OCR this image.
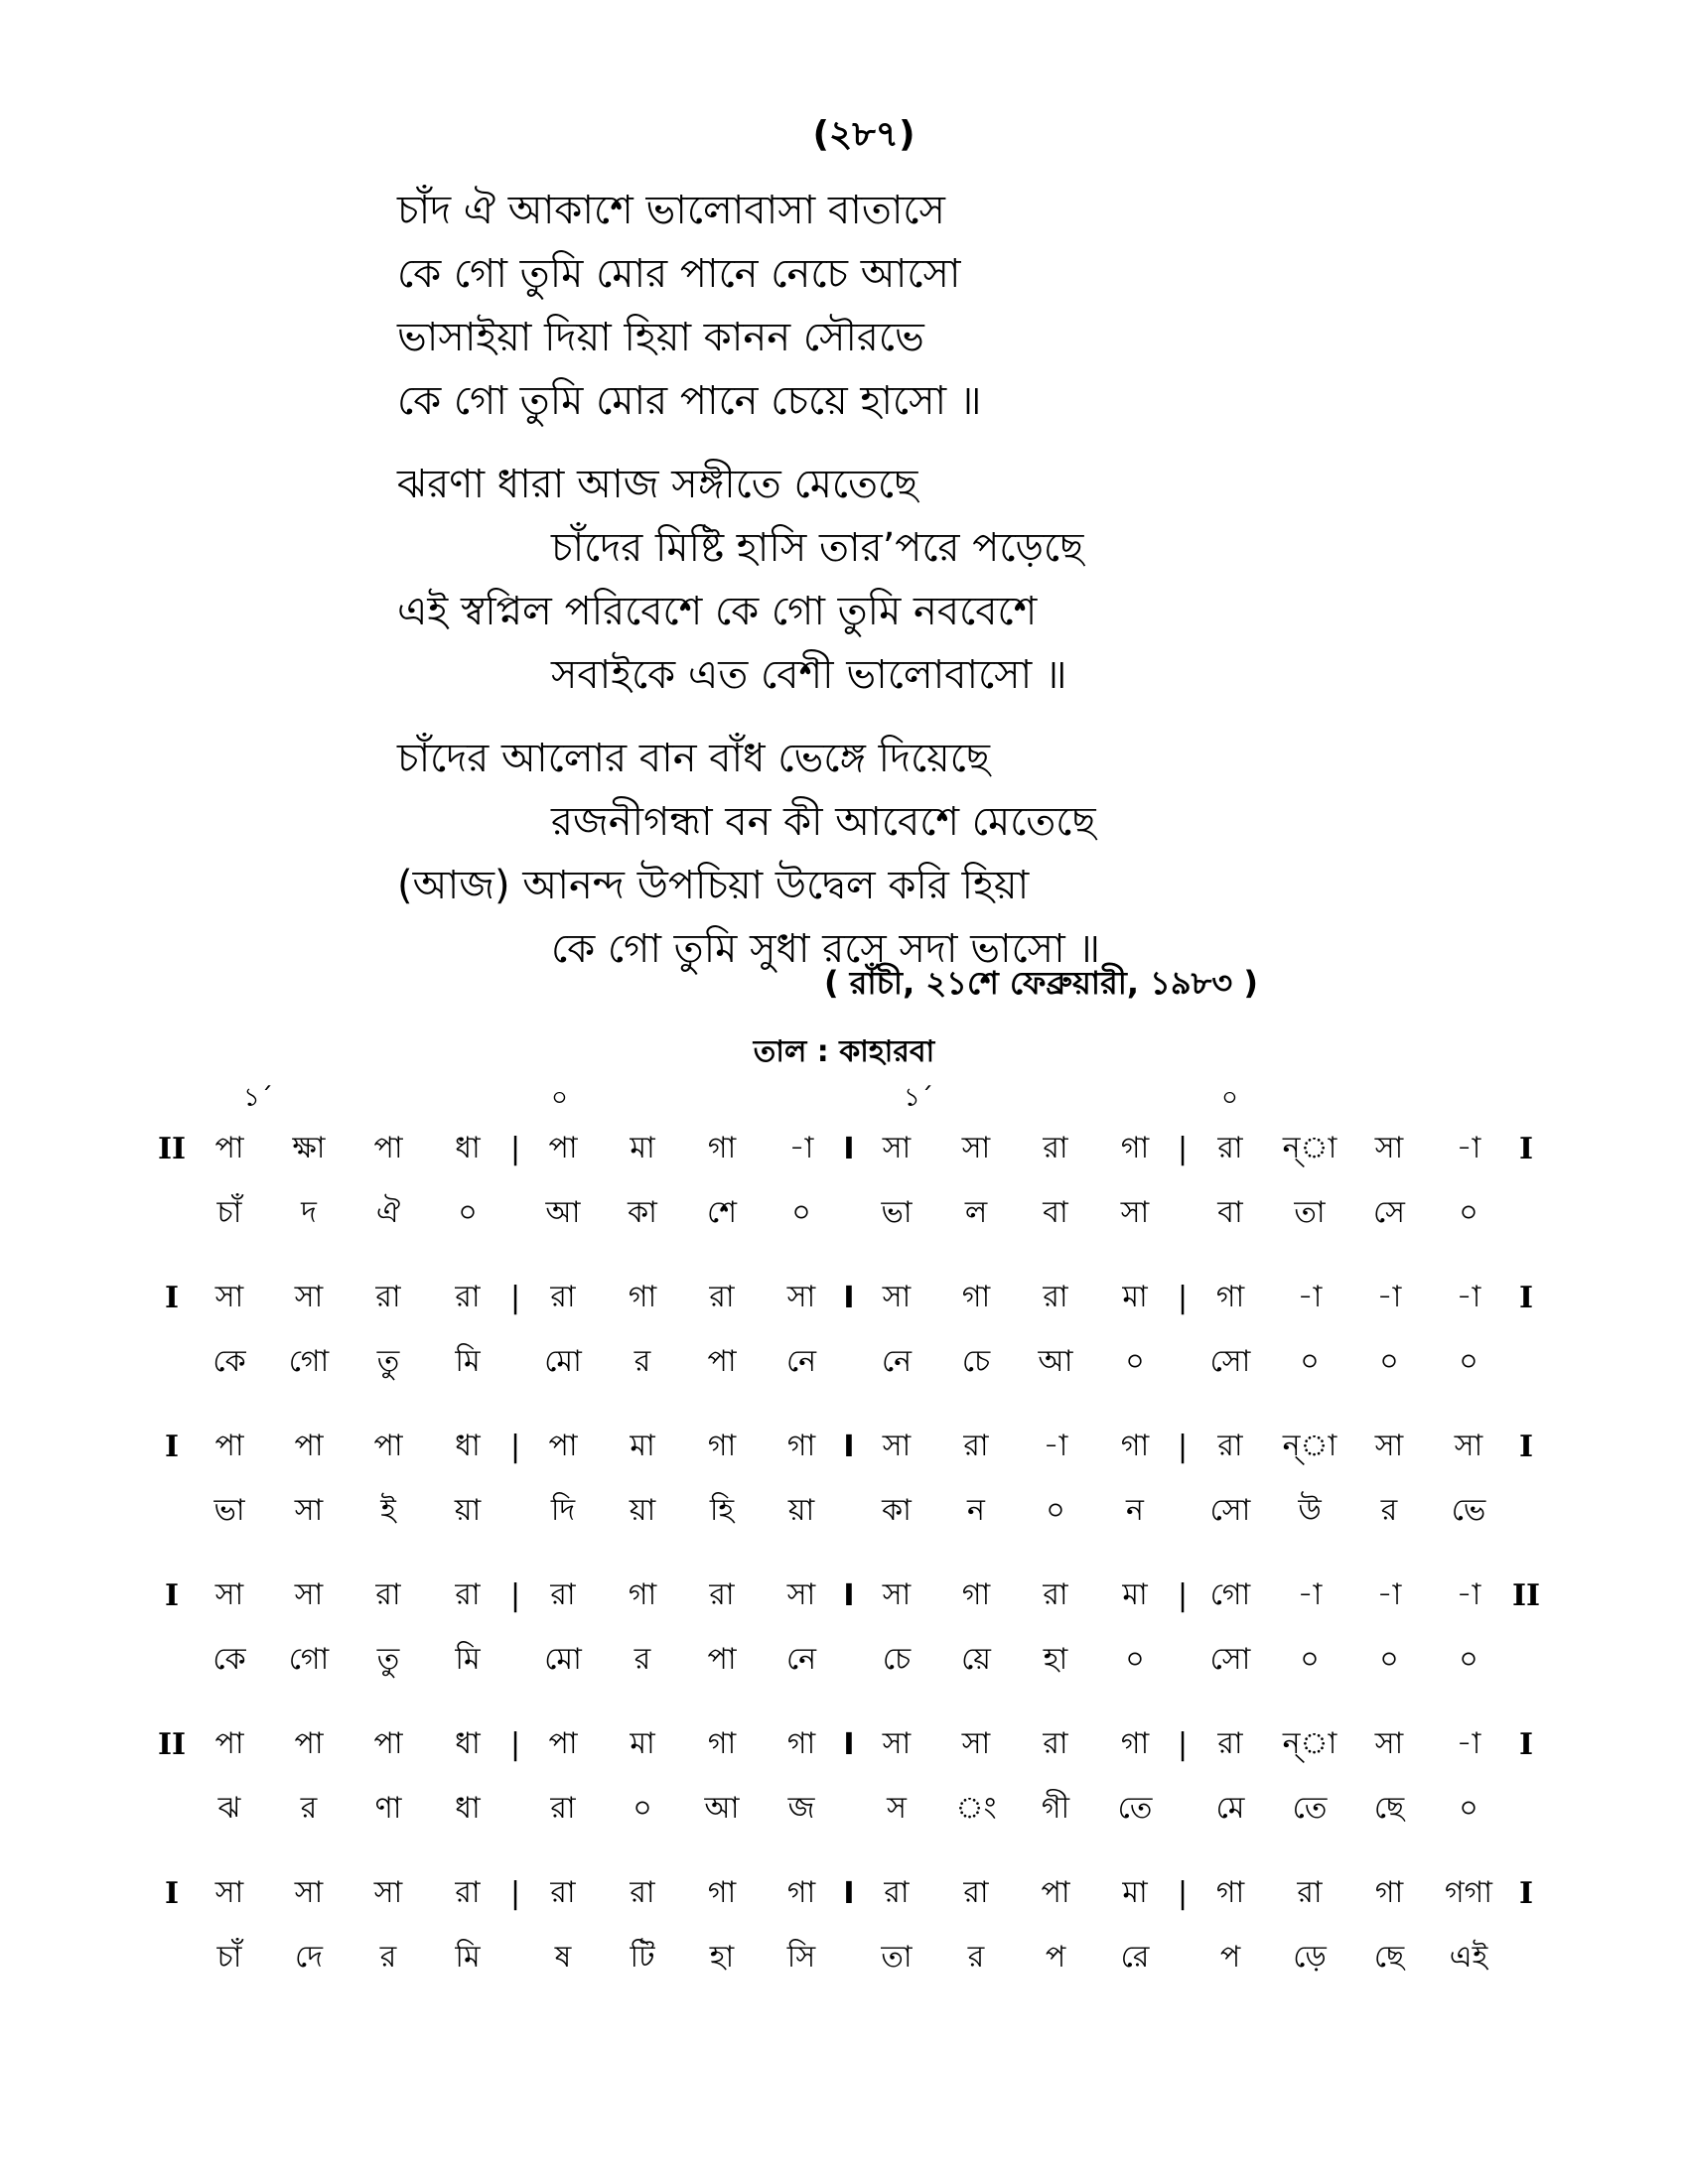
(২৮৭)
চাঁদ ঐ আকাশে ভালোবাসা বাতাসে
কে গো তুমি মোর পানে নেচে আসো
ভাসাইয়া দিয়া হিয়া কানন সৌরভে
কে গো তুমি মোর পানে চেয়ে হাসো ॥
ঝরণা ধারা আজ সঙ্গীতে মেতেছে
চাঁদের মিষ্টি হাসি তার’পরে পড়েছে
এই স্বপ্নিল পরিবেশে কে গো তুমি নববেশে
সবাইকে এত বেশী ভালোবাসো ॥
চাঁদের আলোর বান বাঁধ ভেঙ্গে দিয়েছে
রজনীগন্ধা বন কী আবেশে মেতেছে
(আজ) আনন্দ উপচিয়া উদ্বেল করি হিয়া
কে গো তুমি সুধা রসে সদা ভাসো ॥
( রাঁচী, ২১শে ফেব্রুয়ারী, ১৯৮৩ )
তাল : কাহারবা
১´	০	১´	০
II পা	ক্ষা	পা	ধা	| পা	মা	গা	-া	I সা	সা	রা	গা |	রা	ন্া	সা	-া	I
চাঁ	দ	ঐ	০	আ	কা	শে	০	ভা	ল	বা	সা	বা	তা	সে	০
I	সা	সা	রা	রা	|	রা	গা	রা	সা I সা	গা	রা	মা	| গা	-া	-া	-া	I
কে	গো	তু	মি	মো	র	পা	নে	নে	চে	আ	০	সো	০	০	০
I	পা	পা	পা	ধা	| পা	মা	গা	গা I সা	রা	-া	গা |	রা	ন্া	সা	সা	I
ভা	সা	ই	য়া	দি	য়া	হি	য়া	কা	ন	০	ন	সো	উ	র	ভে
I	সা	সা	রা	রা	|	রা	গা	রা	সা I সা	গা	রা	মা	| গো	-া	-া	-া	II
কে	গো	তু	মি	মো	র	পা	নে	চে	য়ে	হা	০	সো	০	০	০
II পা	পা	পা	ধা	| পা	মা	গা	গা I সা	সা	রা	গা |	রা	ন্া	সা	-া	I
ঝ	র	ণা	ধা	রা	০	আ	জ	স	ং	গী	তে	মে	তে	ছে	০
I	সা	সা	সা	রা	|	রা	রা	গা	গা I রা	রা	পা	মা	| গা	রা	গা	গগা I
চাঁ	দে	র	মি	ষ	টি	হা	সি	তা	র	প	রে	প	ড়ে	ছে	এই
